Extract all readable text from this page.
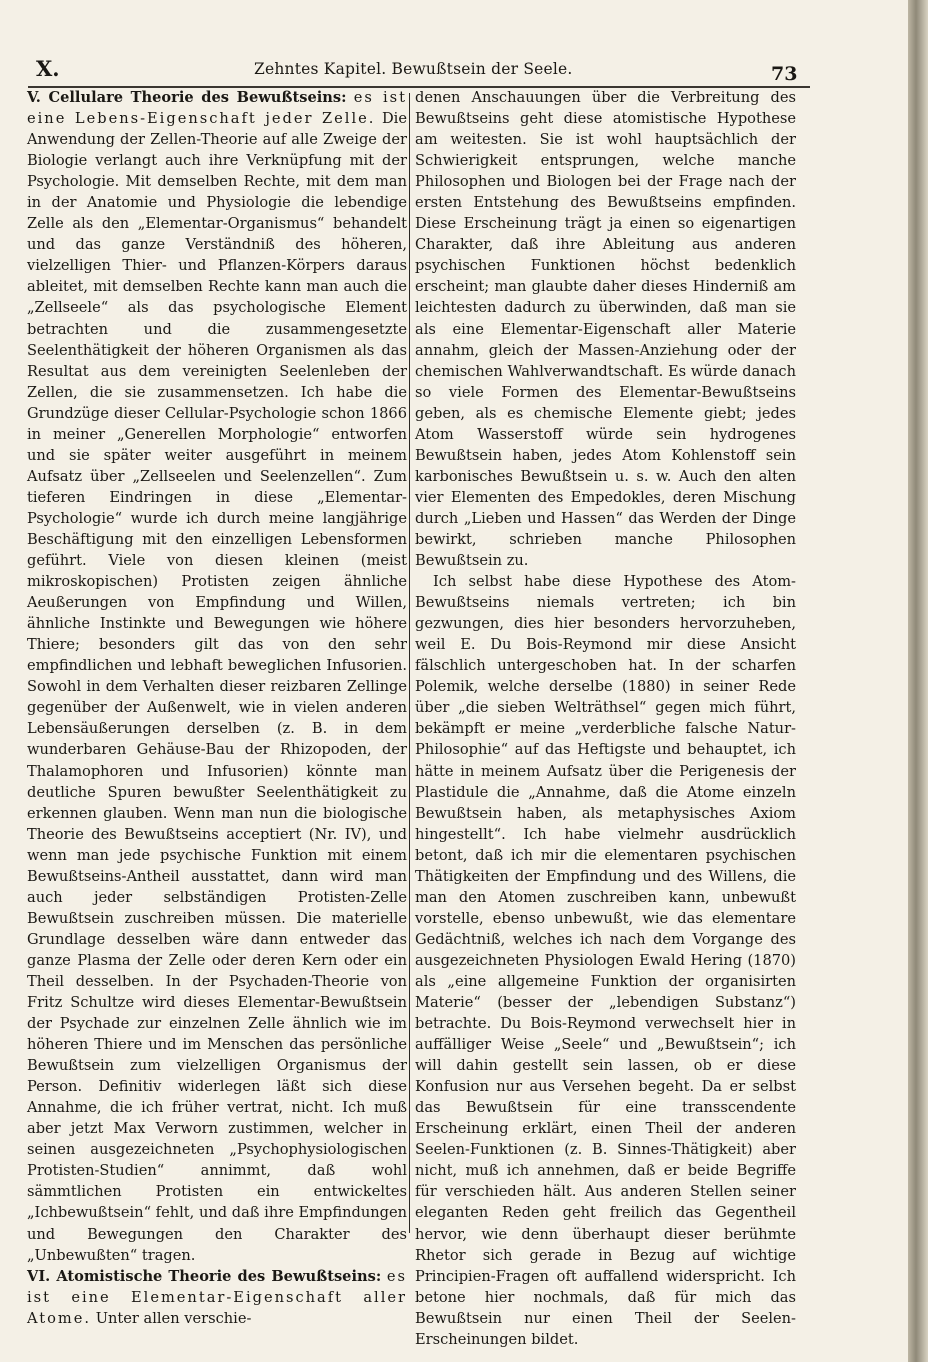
X.	Zehntes Kapitel. Bewußtsein der Seele.	73

V. Cellulare Theorie des Bewußtseins: es ist eine Lebens-Eigenschaft jeder Zelle. Die Anwendung der Zellen-Theorie auf alle Zweige der Biologie verlangt auch ihre Verknüpfung mit der Psychologie. Mit demselben Rechte, mit dem man in der Anatomie und Physiologie die lebendige Zelle als den „Elementar-Organismus“ behandelt und das ganze Verständniß des höheren, vielzelligen Thier- und Pflanzen-Körpers daraus ableitet, mit demselben Rechte kann man auch die „Zellseele“ als das psychologische Element betrachten und die zusammengesetzte Seelenthätigkeit der höheren Organismen als das Resultat aus dem vereinigten Seelenleben der Zellen, die sie zusammensetzen. Ich habe die Grundzüge dieser Cellular-Psychologie schon 1866 in meiner „Generellen Morphologie“ entworfen und sie später weiter ausgeführt in meinem Aufsatz über „Zellseelen und Seelenzellen“. Zum tieferen Eindringen in diese „Elementar-Psychologie“ wurde ich durch meine langjährige Beschäftigung mit den einzelligen Lebensformen geführt. Viele von diesen kleinen (meist mikroskopischen) Protisten zeigen ähnliche Aeußerungen von Empfindung und Willen, ähnliche Instinkte und Bewegungen wie höhere Thiere; besonders gilt das von den sehr empfindlichen und lebhaft beweglichen Infusorien. Sowohl in dem Verhalten dieser reizbaren Zellinge gegenüber der Außenwelt, wie in vielen anderen Lebensäußerungen derselben (z. B. in dem wunderbaren Gehäuse-Bau der Rhizopoden, der Thalamophoren und Infusorien) könnte man deutliche Spuren bewußter Seelenthätigkeit zu erkennen glauben. Wenn man nun die biologische Theorie des Bewußtseins acceptiert (Nr. IV), und wenn man jede psychische Funktion mit einem Bewußtseins-Antheil ausstattet, dann wird man auch jeder selbständigen Protisten-Zelle Bewußtsein zuschreiben müssen. Die materielle Grundlage desselben wäre dann entweder das ganze Plasma der Zelle oder deren Kern oder ein Theil desselben. In der Psychaden-Theorie von Fritz Schultze wird dieses Elementar-Bewußtsein der Psychade zur einzelnen Zelle ähnlich wie im höheren Thiere und im Menschen das persönliche Bewußtsein zum vielzelligen Organismus der Person. Definitiv widerlegen läßt sich diese Annahme, die ich früher vertrat, nicht. Ich muß aber jetzt Max Verworn zustimmen, welcher in seinen ausgezeichneten „Psychophysiologischen Protisten-Studien“ annimmt, daß wohl sämmtlichen Protisten ein entwickeltes „Ichbewußtsein“ fehlt, und daß ihre Empfindungen und Bewegungen den Charakter des „Unbewußten“ tragen.

VI. Atomistische Theorie des Bewußtseins: es ist eine Elementar-Eigenschaft aller Atome. Unter allen verschie-

denen Anschauungen über die Verbreitung des Bewußtseins geht diese atomistische Hypothese am weitesten. Sie ist wohl hauptsächlich der Schwierigkeit entsprungen, welche manche Philosophen und Biologen bei der Frage nach der ersten Entstehung des Bewußtseins empfinden. Diese Erscheinung trägt ja einen so eigenartigen Charakter, daß ihre Ableitung aus anderen psychischen Funktionen höchst bedenklich erscheint; man glaubte daher dieses Hinderniß am leichtesten dadurch zu überwinden, daß man sie als eine Elementar-Eigenschaft aller Materie annahm, gleich der Massen-Anziehung oder der chemischen Wahlverwandtschaft. Es würde danach so viele Formen des Elementar-Bewußtseins geben, als es chemische Elemente giebt; jedes Atom Wasserstoff würde sein hydrogenes Bewußtsein haben, jedes Atom Kohlenstoff sein karbonisches Bewußtsein u. s. w. Auch den alten vier Elementen des Empedokles, deren Mischung durch „Lieben und Hassen“ das Werden der Dinge bewirkt, schrieben manche Philosophen Bewußtsein zu.

Ich selbst habe diese Hypothese des Atom-Bewußtseins niemals vertreten; ich bin gezwungen, dies hier besonders hervorzuheben, weil E. Du Bois-Reymond mir diese Ansicht fälschlich untergeschoben hat. In der scharfen Polemik, welche derselbe (1880) in seiner Rede über „die sieben Welträthsel“ gegen mich führt, bekämpft er meine „verderbliche falsche Natur-Philosophie“ auf das Heftigste und behauptet, ich hätte in meinem Aufsatz über die Perigenesis der Plastidule die „Annahme, daß die Atome einzeln Bewußtsein haben, als metaphysisches Axiom hingestellt“. Ich habe vielmehr ausdrücklich betont, daß ich mir die elementaren psychischen Thätigkeiten der Empfindung und des Willens, die man den Atomen zuschreiben kann, unbewußt vorstelle, ebenso unbewußt, wie das elementare Gedächtniß, welches ich nach dem Vorgange des ausgezeichneten Physiologen Ewald Hering (1870) als „eine allgemeine Funktion der organisirten Materie“ (besser der „lebendigen Substanz“) betrachte. Du Bois-Reymond verwechselt hier in auffälliger Weise „Seele“ und „Bewußtsein“; ich will dahin gestellt sein lassen, ob er diese Konfusion nur aus Versehen begeht. Da er selbst das Bewußtsein für eine transscendente Erscheinung erklärt, einen Theil der anderen Seelen-Funktionen (z. B. Sinnes-Thätigkeit) aber nicht, muß ich annehmen, daß er beide Begriffe für verschieden hält. Aus anderen Stellen seiner eleganten Reden geht freilich das Gegentheil hervor, wie denn überhaupt dieser berühmte Rhetor sich gerade in Bezug auf wichtige Principien-Fragen oft auffallend widerspricht. Ich betone hier nochmals, daß für mich das Bewußtsein nur einen Theil der Seelen-Erscheinungen bildet.
